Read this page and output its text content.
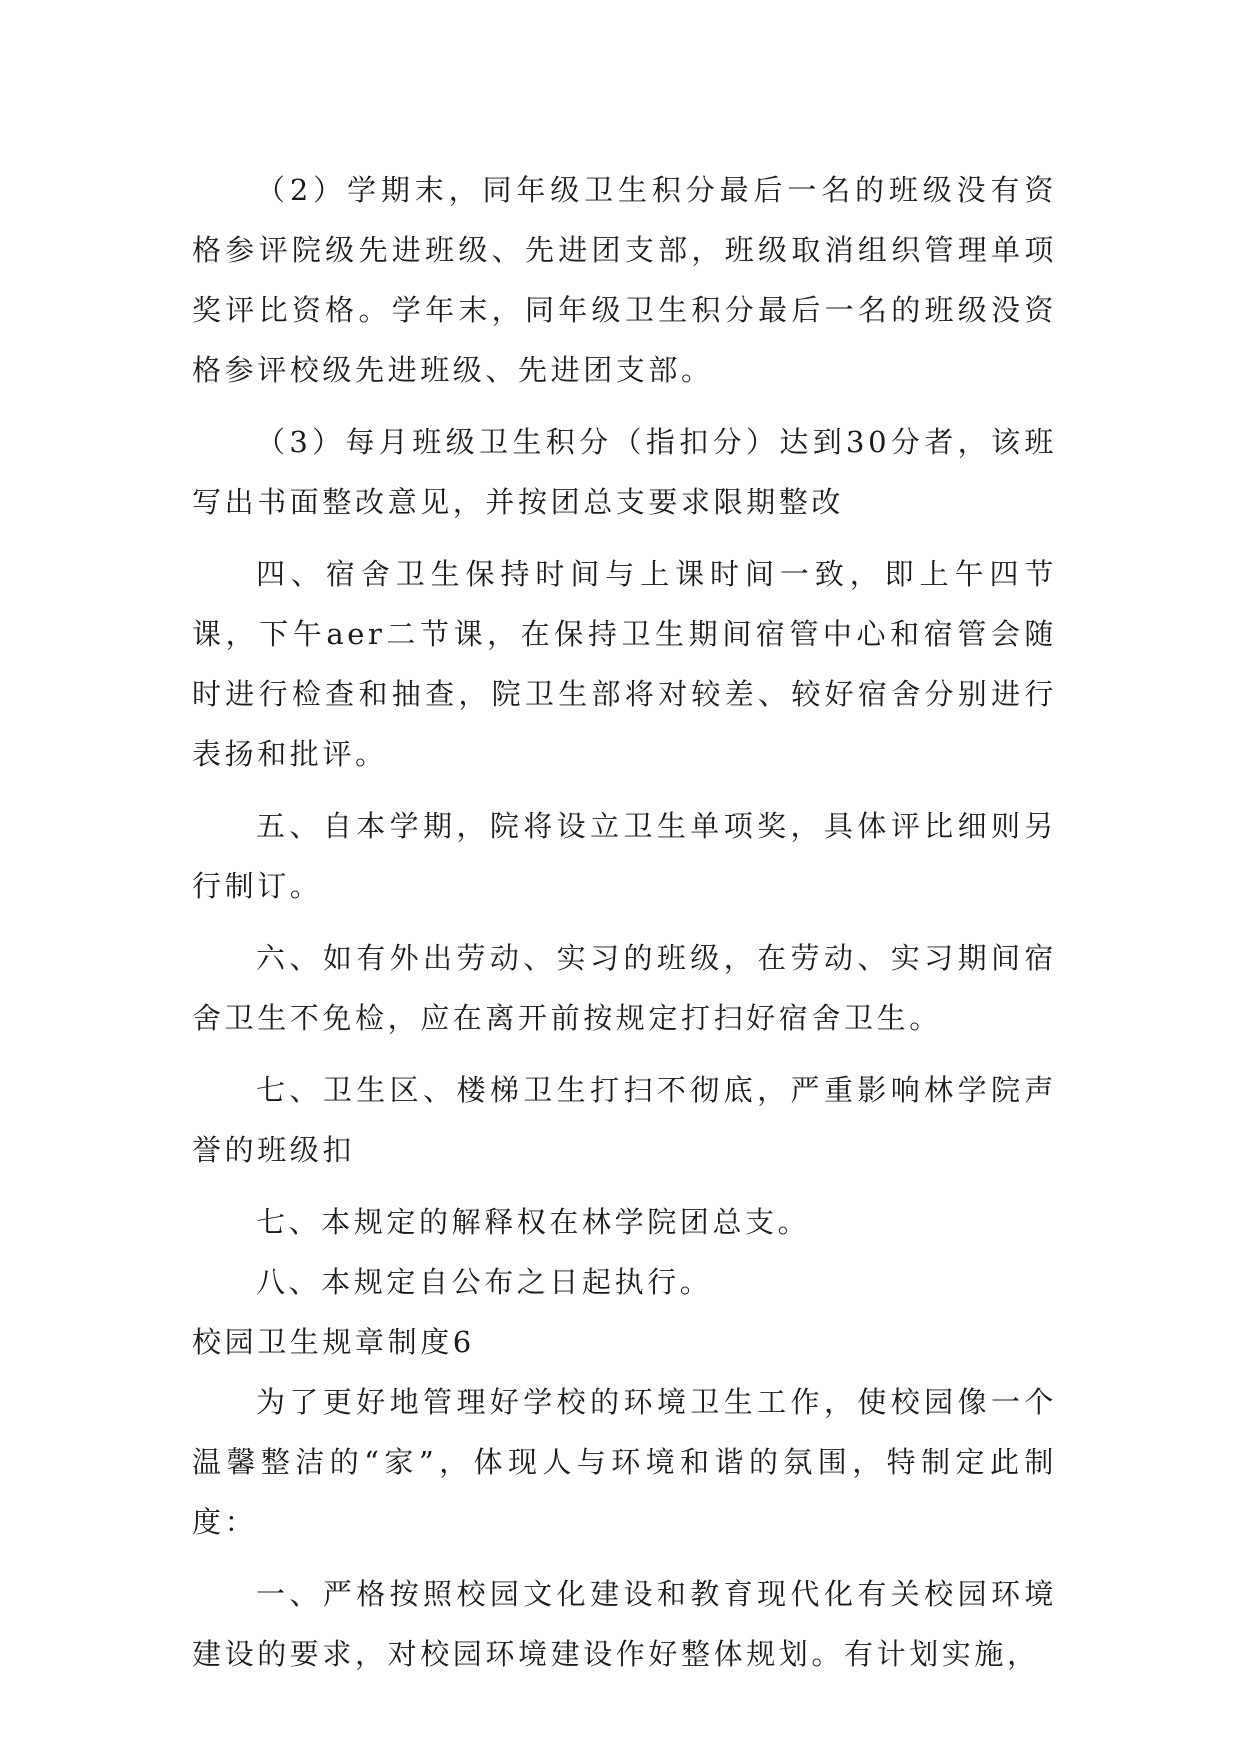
（2）学期末，同年级卫生积分最后一名的班级没有资格参评院级先进班级、先进团支部，班级取消组织管理单项奖评比资格。学年末，同年级卫生积分最后一名的班级没资格参评校级先进班级、先进团支部。

（3）每月班级卫生积分（指扣分）达到30分者，该班写出书面整改意见，并按团总支要求限期整改

四、宿舍卫生保持时间与上课时间一致，即上午四节课，下午aer二节课，在保持卫生期间宿管中心和宿管会随时进行检查和抽查，院卫生部将对较差、较好宿舍分别进行表扬和批评。

五、自本学期，院将设立卫生单项奖，具体评比细则另行制订。

六、如有外出劳动、实习的班级，在劳动、实习期间宿舍卫生不免检，应在离开前按规定打扫好宿舍卫生。

七、卫生区、楼梯卫生打扫不彻底，严重影响林学院声誉的班级扣

七、本规定的解释权在林学院团总支。

八、本规定自公布之日起执行。

校园卫生规章制度6

为了更好地管理好学校的环境卫生工作，使校园像一个温馨整洁的“家”，体现人与环境和谐的氛围，特制定此制度：

一、严格按照校园文化建设和教育现代化有关校园环境建设的要求，对校园环境建设作好整体规划。有计划实施，
